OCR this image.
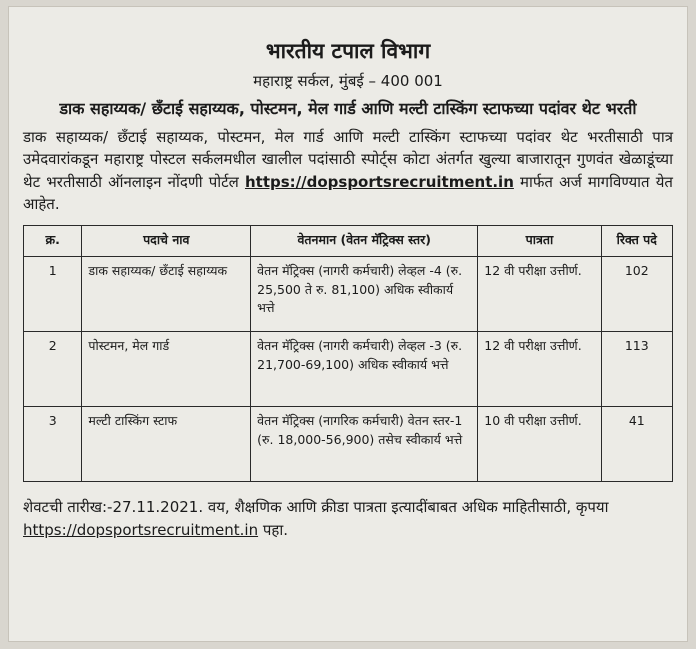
भारतीय टपाल विभाग
महाराष्ट्र सर्कल, मुंबई – 400 001
डाक सहाय्यक/ छँटाई सहाय्यक, पोस्टमन, मेल गार्ड आणि मल्टी टास्किंग स्टाफच्या पदांवर थेट भरती
डाक सहाय्यक/ छँटाई सहाय्यक, पोस्टमन, मेल गार्ड आणि मल्टी टास्किंग स्टाफच्या पदांवर थेट भरतीसाठी पात्र उमेदवारांकडून महाराष्ट्र पोस्टल सर्कलमधील खालील पदांसाठी स्पोर्ट्स कोटा अंतर्गत खुल्या बाजारातून गुणवंत खेळाडूंच्या थेट भरतीसाठी ऑनलाइन नोंदणी पोर्टल https://dopsportsrecruitment.in मार्फत अर्ज मागविण्यात येत आहेत.
क्र.	पदाचे नाव	वेतनमान (वेतन मॅट्रिक्स स्तर)	पात्रता	रिक्त पदे
1	डाक सहाय्यक/ छँटाई सहाय्यक	वेतन मॅट्रिक्स (नागरी कर्मचारी) लेव्हल -4 (रु. 25,500 ते रु. 81,100) अधिक स्वीकार्य भत्ते	12 वी परीक्षा उत्तीर्ण.	102
2	पोस्टमन, मेल गार्ड	वेतन मॅट्रिक्स (नागरी कर्मचारी) लेव्हल -3 (रु. 21,700-69,100) अधिक स्वीकार्य भत्ते	12 वी परीक्षा उत्तीर्ण.	113
3	मल्टी टास्किंग स्टाफ	वेतन मॅट्रिक्स (नागरिक कर्मचारी) वेतन स्तर-1 (रु. 18,000-56,900) तसेच स्वीकार्य भत्ते	10 वी परीक्षा उत्तीर्ण.	41
शेवटची तारीख:-27.11.2021. वय, शैक्षणिक आणि क्रीडा पात्रता इत्यादींबाबत अधिक माहितीसाठी, कृपया https://dopsportsrecruitment.in पहा.
